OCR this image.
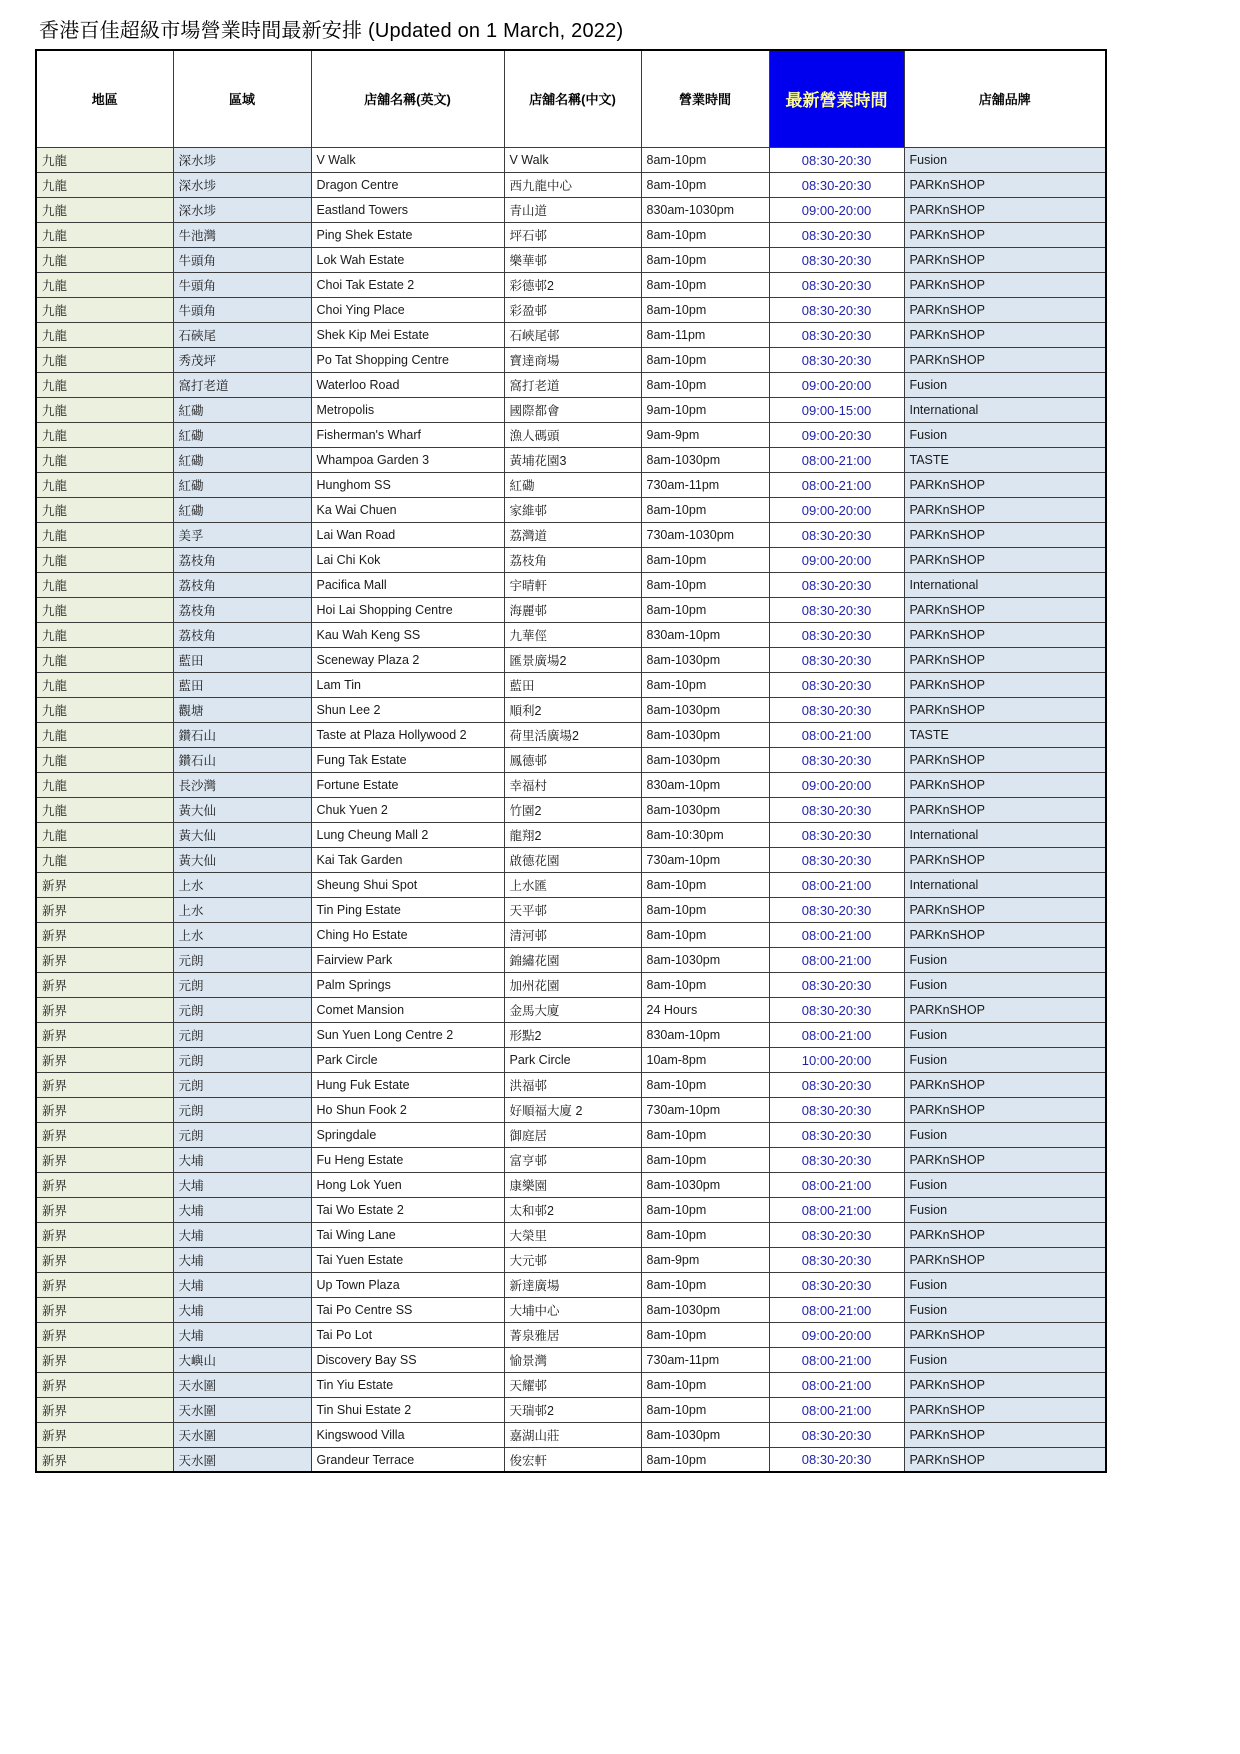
香港百佳超級市場營業時間最新安排 (Updated on 1 March, 2022)
地區	區域	店舖名稱(英文)	店舖名稱(中文)	營業時間	最新營業時間	店舖品牌
九龍	深水埗	V Walk	V Walk	8am-10pm	08:30-20:30	Fusion
九龍	深水埗	Dragon Centre	西九龍中心	8am-10pm	08:30-20:30	PARKnSHOP
九龍	深水埗	Eastland Towers	青山道	830am-1030pm	09:00-20:00	PARKnSHOP
九龍	牛池灣	Ping Shek Estate	坪石邨	8am-10pm	08:30-20:30	PARKnSHOP
九龍	牛頭角	Lok Wah Estate	樂華邨	8am-10pm	08:30-20:30	PARKnSHOP
九龍	牛頭角	Choi Tak Estate 2	彩德邨2	8am-10pm	08:30-20:30	PARKnSHOP
九龍	牛頭角	Choi Ying Place	彩盈邨	8am-10pm	08:30-20:30	PARKnSHOP
九龍	石硤尾	Shek Kip Mei Estate	石峽尾邨	8am-11pm	08:30-20:30	PARKnSHOP
九龍	秀茂坪	Po Tat Shopping Centre	寶達商場	8am-10pm	08:30-20:30	PARKnSHOP
九龍	窩打老道	Waterloo Road	窩打老道	8am-10pm	09:00-20:00	Fusion
九龍	紅磡	Metropolis	國際都會	9am-10pm	09:00-15:00	International
九龍	紅磡	Fisherman's Wharf	漁人碼頭	9am-9pm	09:00-20:30	Fusion
九龍	紅磡	Whampoa Garden 3	黃埔花園3	8am-1030pm	08:00-21:00	TASTE
九龍	紅磡	Hunghom SS	紅磡	730am-11pm	08:00-21:00	PARKnSHOP
九龍	紅磡	Ka Wai Chuen	家維邨	8am-10pm	09:00-20:00	PARKnSHOP
九龍	美孚	Lai Wan Road	荔灣道	730am-1030pm	08:30-20:30	PARKnSHOP
九龍	荔枝角	Lai Chi Kok	荔枝角	8am-10pm	09:00-20:00	PARKnSHOP
九龍	荔枝角	Pacifica Mall	宇晴軒	8am-10pm	08:30-20:30	International
九龍	荔枝角	Hoi Lai Shopping Centre	海麗邨	8am-10pm	08:30-20:30	PARKnSHOP
九龍	荔枝角	Kau Wah Keng SS	九華俓	830am-10pm	08:30-20:30	PARKnSHOP
九龍	藍田	Sceneway Plaza 2	匯景廣場2	8am-1030pm	08:30-20:30	PARKnSHOP
九龍	藍田	Lam Tin	藍田	8am-10pm	08:30-20:30	PARKnSHOP
九龍	觀塘	Shun Lee 2	順利2	8am-1030pm	08:30-20:30	PARKnSHOP
九龍	鑽石山	Taste at Plaza Hollywood 2	荷里活廣場2	8am-1030pm	08:00-21:00	TASTE
九龍	鑽石山	Fung Tak Estate	鳳德邨	8am-1030pm	08:30-20:30	PARKnSHOP
九龍	長沙灣	Fortune Estate	幸福村	830am-10pm	09:00-20:00	PARKnSHOP
九龍	黃大仙	Chuk Yuen 2	竹園2	8am-1030pm	08:30-20:30	PARKnSHOP
九龍	黃大仙	Lung Cheung Mall 2	龍翔2	8am-10:30pm	08:30-20:30	International
九龍	黃大仙	Kai Tak Garden	啟德花園	730am-10pm	08:30-20:30	PARKnSHOP
新界	上水	Sheung Shui Spot	上水匯	8am-10pm	08:00-21:00	International
新界	上水	Tin Ping Estate	天平邨	8am-10pm	08:30-20:30	PARKnSHOP
新界	上水	Ching Ho Estate	清河邨	8am-10pm	08:00-21:00	PARKnSHOP
新界	元朗	Fairview Park	錦繡花園	8am-1030pm	08:00-21:00	Fusion
新界	元朗	Palm Springs	加州花園	8am-10pm	08:30-20:30	Fusion
新界	元朗	Comet Mansion	金馬大廈	24 Hours	08:30-20:30	PARKnSHOP
新界	元朗	Sun Yuen Long Centre 2	形點2	830am-10pm	08:00-21:00	Fusion
新界	元朗	Park Circle	Park Circle	10am-8pm	10:00-20:00	Fusion
新界	元朗	Hung Fuk Estate	洪福邨	8am-10pm	08:30-20:30	PARKnSHOP
新界	元朗	Ho Shun Fook 2	好順福大廈 2	730am-10pm	08:30-20:30	PARKnSHOP
新界	元朗	Springdale	御庭居	8am-10pm	08:30-20:30	Fusion
新界	大埔	Fu Heng Estate	富亨邨	8am-10pm	08:30-20:30	PARKnSHOP
新界	大埔	Hong Lok Yuen	康樂園	8am-1030pm	08:00-21:00	Fusion
新界	大埔	Tai Wo Estate 2	太和邨2	8am-10pm	08:00-21:00	Fusion
新界	大埔	Tai Wing Lane	大榮里	8am-10pm	08:30-20:30	PARKnSHOP
新界	大埔	Tai Yuen Estate	大元邨	8am-9pm	08:30-20:30	PARKnSHOP
新界	大埔	Up Town Plaza	新達廣場	8am-10pm	08:30-20:30	Fusion
新界	大埔	Tai Po Centre SS	大埔中心	8am-1030pm	08:00-21:00	Fusion
新界	大埔	Tai Po Lot	菁泉雅居	8am-10pm	09:00-20:00	PARKnSHOP
新界	大嶼山	Discovery Bay SS	愉景灣	730am-11pm	08:00-21:00	Fusion
新界	天水圍	Tin Yiu Estate	天耀邨	8am-10pm	08:00-21:00	PARKnSHOP
新界	天水圍	Tin Shui Estate 2	天瑞邨2	8am-10pm	08:00-21:00	PARKnSHOP
新界	天水圍	Kingswood Villa	嘉湖山莊	8am-1030pm	08:30-20:30	PARKnSHOP
新界	天水圍	Grandeur Terrace	俊宏軒	8am-10pm	08:30-20:30	PARKnSHOP
